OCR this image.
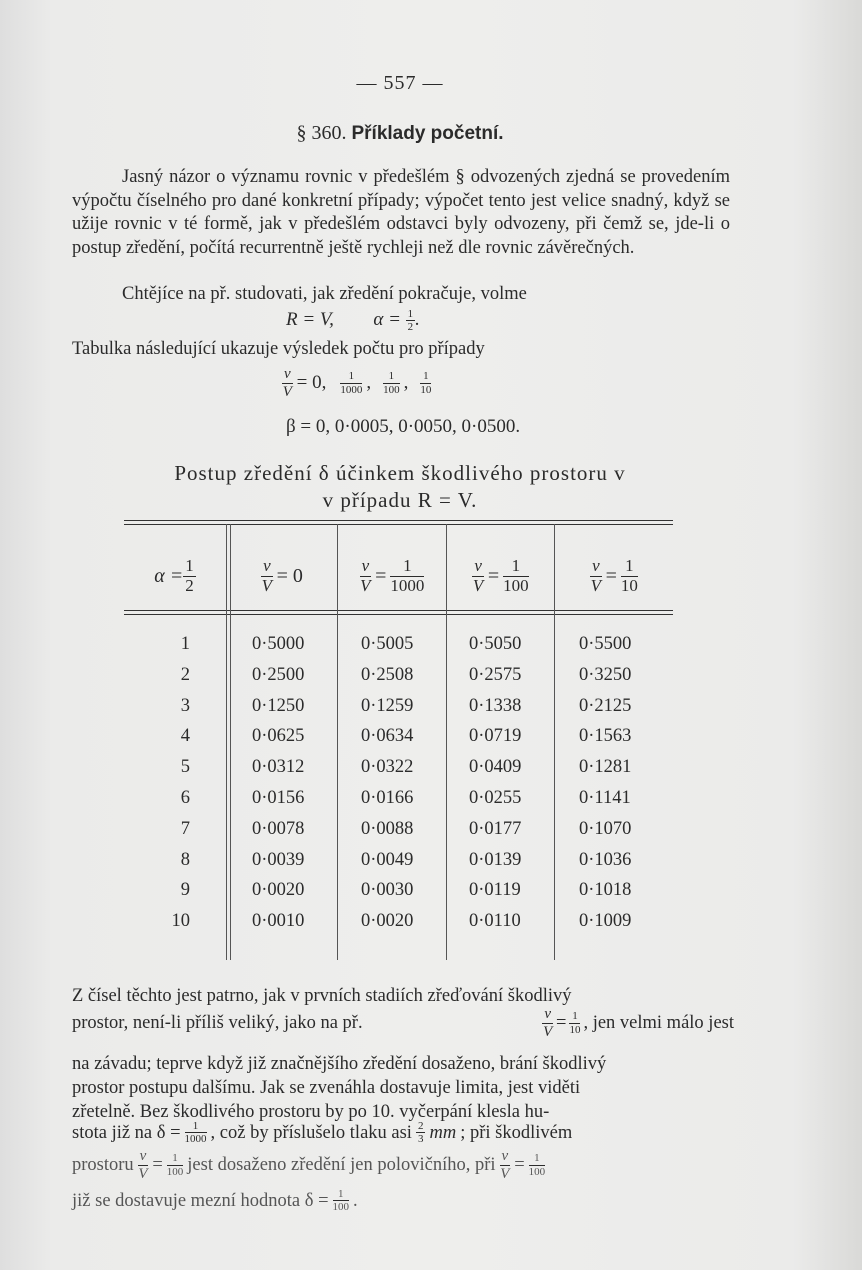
— 557 —
§ 360. Příklady početní.
Jasný názor o významu rovnic v předešlém § odvozených zjedná se provedením výpočtu číselného pro dané konkretní případy; výpočet tento jest velice snadný, když se užije rovnic v té formě, jak v předešlém odstavci byly odvozeny, při čemž se, jde-li o postup zředění, počítá recurrentně ještě rychleji než dle rovnic závěrečných.
Chtějíce na př. studovati, jak zředění pokračuje, volme
R = V, $\alpha = \frac{1}{2}$ .
Tabulka následující ukazuje výsledek počtu pro případy
$\frac{v}{V} = 0$, $\frac{1}{1000}$ , $\frac{1}{100}$ , $\frac{1}{10}$
β = 0, 0·0005, 0·0050, 0·0500.
Postup zředění δ účinkem škodlivého prostoru v
v případu R = V.
$\alpha = \frac{1}{2}$	$\frac{v}{V} = 0$	$\frac{v}{V} = \frac{1}{1000}$	$\frac{v}{V} = \frac{1}{100}$	$\frac{v}{V} = \frac{1}{10}$
1	0·5000	0·5005	0·5050	0·5500
2	0·2500	0·2508	0·2575	0·3250
3	0·1250	0·1259	0·1338	0·2125
4	0·0625	0·0634	0·0719	0·1563
5	0·0312	0·0322	0·0409	0·1281
6	0·0156	0·0166	0·0255	0·1141
7	0·0078	0·0088	0·0177	0·1070
8	0·0039	0·0049	0·0139	0·1036
9	0·0020	0·0030	0·0119	0·1018
10	0·0010	0·0020	0·0110	0·1009
Z čísel těchto jest patrno, jak v prvních stadiích zřeďování škodlivý
prostor, není-li příliš veliký, jako na př.	$\frac{v}{V} = \frac{1}{10}$ , jen velmi málo jest
na závadu; teprve když již značnějšího zředění dosaženo, brání škodlivý
prostor postupu dalšímu. Jak se zvenáhla dostavuje limita, jest viděti
zřetelně. Bez škodlivého prostoru by po 10. vyčerpání klesla hu-
stota již na $\delta = \frac{1}{1000}$ , což by příslušelo tlaku asi $\frac{2}{3}$ mm ; při škodlivém
prostoru $\frac{v}{V} = \frac{1}{100}$ jest dosaženo zředění jen polovičního, při $\frac{v}{V} = \frac{1}{100}$
již se dostavuje mezní hodnota $\delta = \frac{1}{100}$ .
